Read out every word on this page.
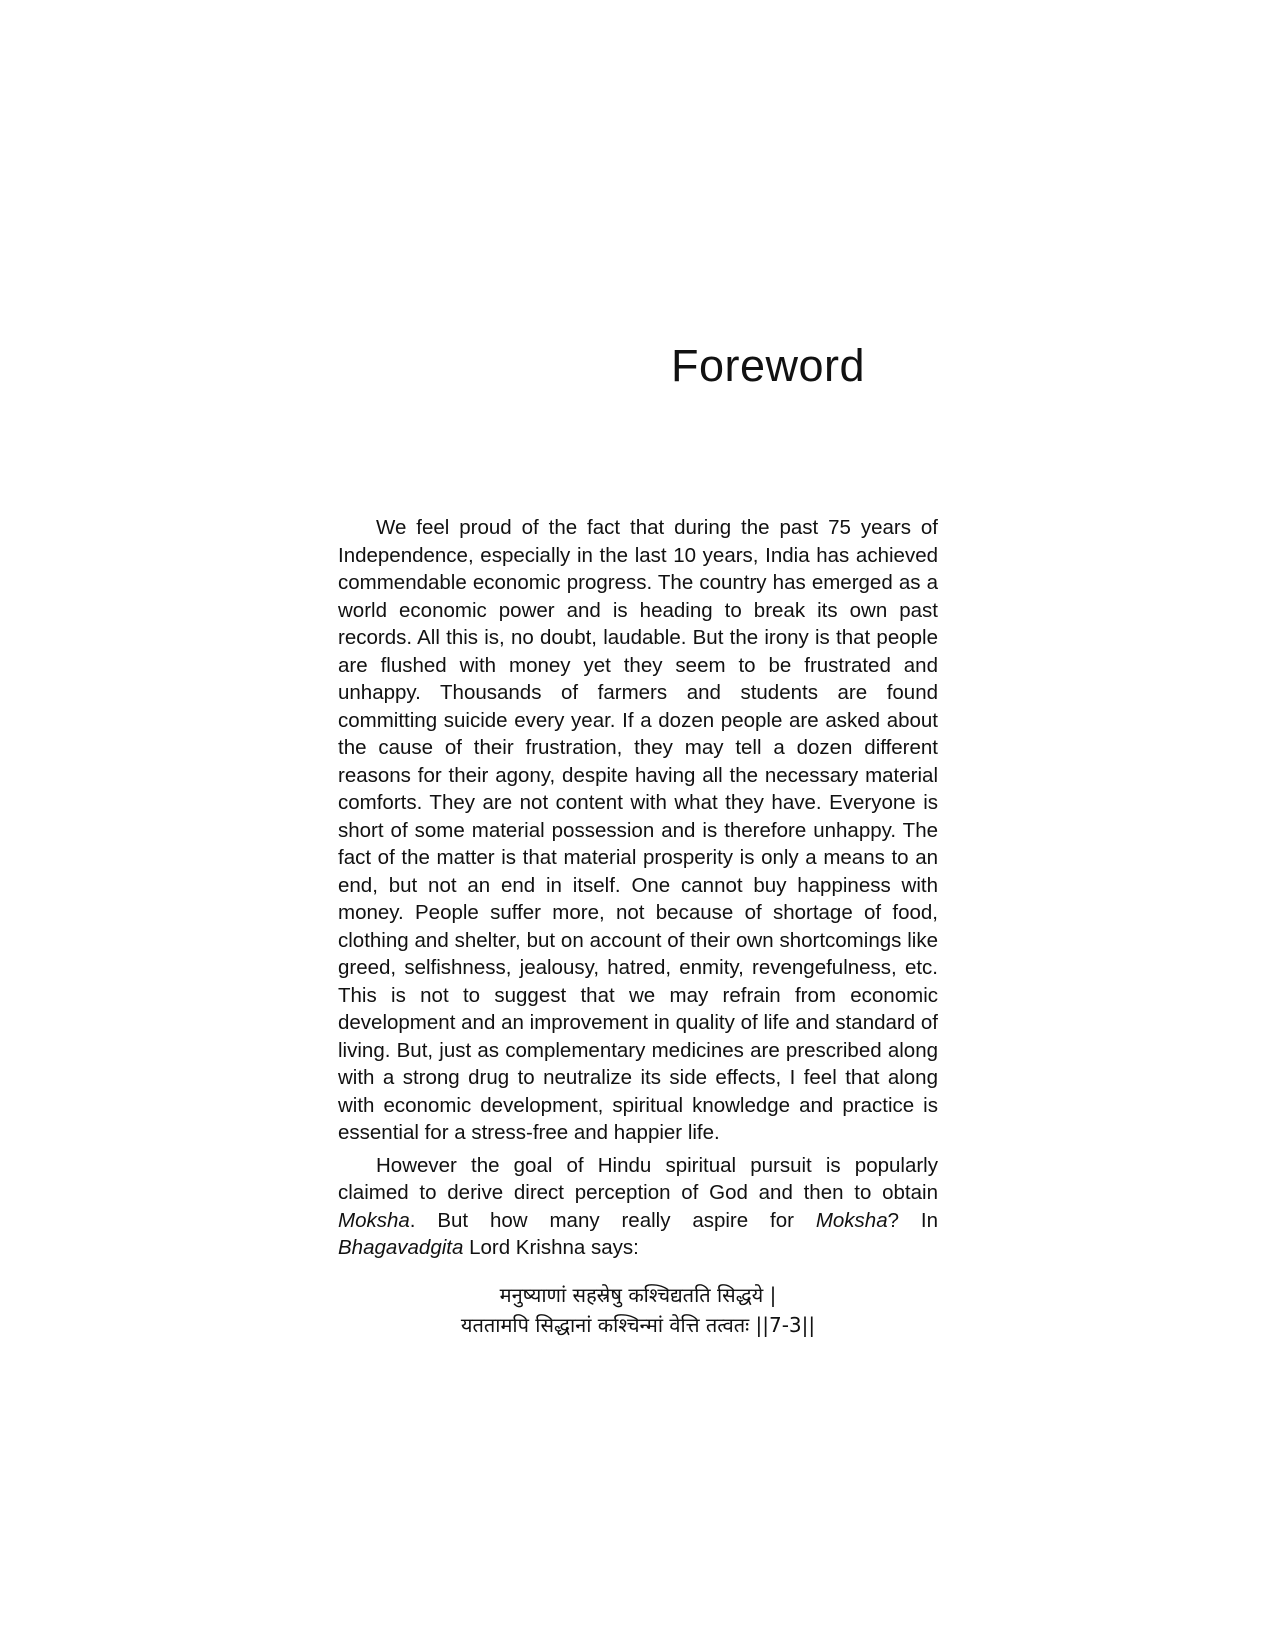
Foreword

We feel proud of the fact that during the past 75 years of Independence, especially in the last 10 years, India has achieved commendable economic progress. The country has emerged as a world economic power and is heading to break its own past records. All this is, no doubt, laudable. But the irony is that people are flushed with money yet they seem to be frustrated and unhappy. Thousands of farmers and students are found committing suicide every year. If a dozen people are asked about the cause of their frustration, they may tell a dozen different reasons for their agony, despite having all the necessary material comforts. They are not content with what they have. Everyone is short of some material possession and is therefore unhappy. The fact of the matter is that material prosperity is only a means to an end, but not an end in itself. One cannot buy happiness with money. People suffer more, not because of shortage of food, clothing and shelter, but on account of their own shortcomings like greed, selfishness, jealousy, hatred, enmity, revengefulness, etc. This is not to suggest that we may refrain from economic development and an improvement in quality of life and standard of living. But, just as complementary medicines are prescribed along with a strong drug to neutralize its side effects, I feel that along with economic development, spiritual knowledge and practice is essential for a stress-free and happier life.

However the goal of Hindu spiritual pursuit is popularly claimed to derive direct perception of God and then to obtain Moksha. But how many really aspire for Moksha? In Bhagavadgita Lord Krishna says:

मनुष्याणां सहस्रेषु कश्चिद्यतति सिद्धये |
यततामपि सिद्धानां कश्चिन्मां वेत्ति तत्वतः ||7-3||
